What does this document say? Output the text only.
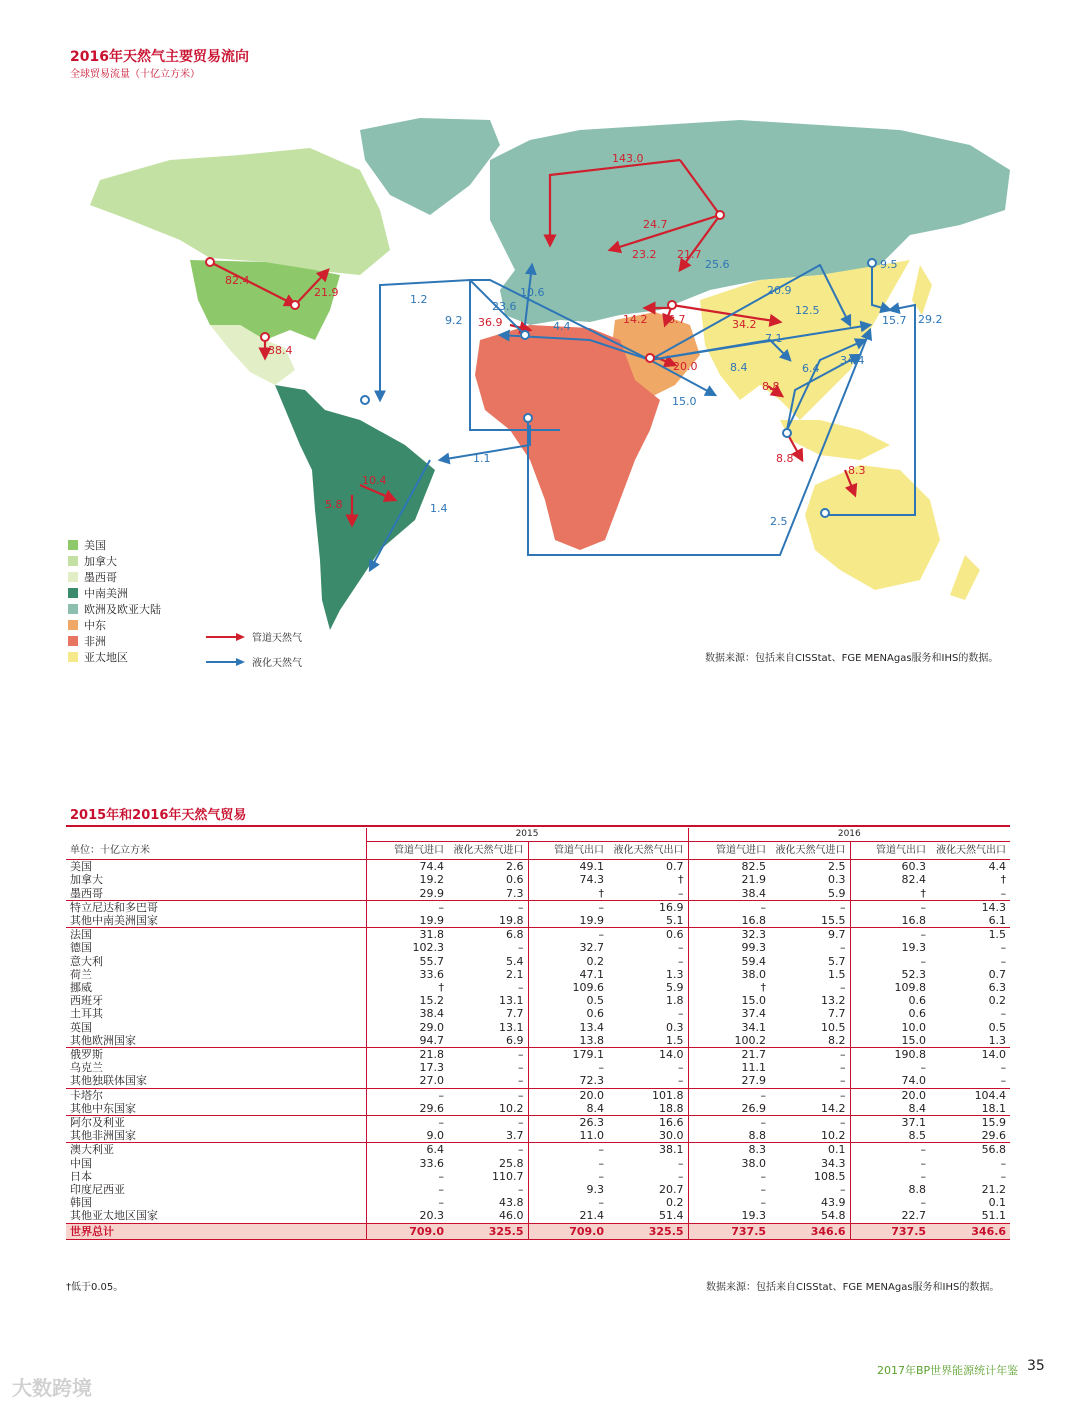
2016年天然气主要贸易流向
全球贸易流量（十亿立方米）
143.0
24.7
23.2 21.7
82.4
21.9
38.4
36.9	14.2 6.7	34.2
20.0
8.8
8.8
8.3
10.4
5.8
10.6
23.6
9.2
1.2
4.4
25.6
20.9
12.5
9.5
29.2
15.7
7.1
34.4
8.4	6.4
15.0
1.1
1.4
2.5
美国
加拿大
墨西哥
中南美洲
欧洲及欧亚大陆
中东
非洲
亚太地区
管道天然气
液化天然气	数据来源：包括来自CISStat、FGE MENAgas服务和IHS的数据。
2015年和2016年天然气贸易
	2015				2016			
单位：十亿立方米	管道气进口	液化天然气进口	管道气出口	液化天然气出口	管道气进口	液化天然气进口	管道气出口	液化天然气出口
美国	74.4	2.6	49.1	0.7	82.5	2.5	60.3	4.4
加拿大	19.2	0.6	74.3	†	21.9	0.3	82.4	†
墨西哥	29.9	7.3	†	–	38.4	5.9	†	–
特立尼达和多巴哥	–	–	–	16.9	–	–	–	14.3
其他中南美洲国家	19.9	19.8	19.9	5.1	16.8	15.5	16.8	6.1
法国	31.8	6.8	–	0.6	32.3	9.7	–	1.5
德国	102.3	–	32.7	–	99.3	–	19.3	–
意大利	55.7	5.4	0.2	–	59.4	5.7	–	–
荷兰	33.6	2.1	47.1	1.3	38.0	1.5	52.3	0.7
挪威	†	–	109.6	5.9	†	–	109.8	6.3
西班牙	15.2	13.1	0.5	1.8	15.0	13.2	0.6	0.2
土耳其	38.4	7.7	0.6	–	37.4	7.7	0.6	–
英国	29.0	13.1	13.4	0.3	34.1	10.5	10.0	0.5
其他欧洲国家	94.7	6.9	13.8	1.5	100.2	8.2	15.0	1.3
俄罗斯	21.8	–	179.1	14.0	21.7	–	190.8	14.0
乌克兰	17.3	–	–	–	11.1	–	–	–
其他独联体国家	27.0	–	72.3	–	27.9	–	74.0	–
卡塔尔	–	–	20.0	101.8	–	–	20.0	104.4
其他中东国家	29.6	10.2	8.4	18.8	26.9	14.2	8.4	18.1
阿尔及利亚	–	–	26.3	16.6	–	–	37.1	15.9
其他非洲国家	9.0	3.7	11.0	30.0	8.8	10.2	8.5	29.6
澳大利亚	6.4	–	–	38.1	8.3	0.1	–	56.8
中国	33.6	25.8	–	–	38.0	34.3	–	–
日本	–	110.7	–	–	–	108.5	–	–
印度尼西亚	–	–	9.3	20.7	–	–	8.8	21.2
韩国	–	43.8	–	0.2	–	43.9	–	0.1
其他亚太地区国家	20.3	46.0	21.4	51.4	19.3	54.8	22.7	51.1
世界总计	709.0	325.5	709.0	325.5	737.5	346.6	737.5	346.6
†低于0.05。	数据来源：包括来自CISStat、FGE MENAgas服务和IHS的数据。
2017年BP世界能源统计年鉴 35
大数跨境
